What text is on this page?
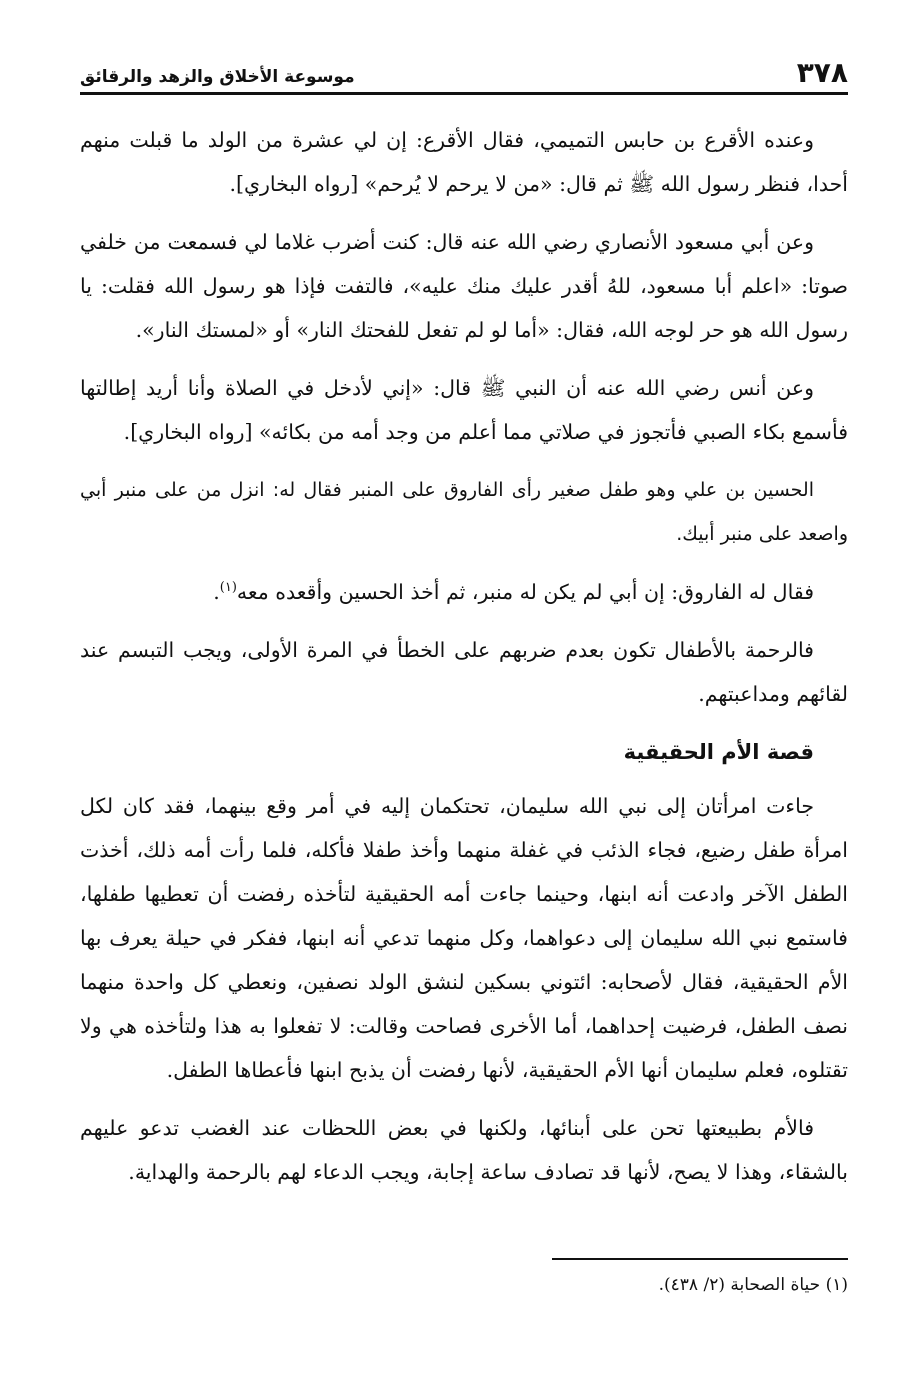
٣٧٨
موسوعة الأخلاق والزهد والرقائق

وعنده الأقرع بن حابس التميمي، فقال الأقرع: إن لي عشرة من الولد ما قبلت منهم أحدا، فنظر رسول الله ﷺ ثم قال: «من لا يرحم لا يُرحم» [رواه البخاري].

وعن أبي مسعود الأنصاري رضي الله عنه قال: كنت أضرب غلاما لي فسمعت من خلفي صوتا: «اعلم أبا مسعود، للهُ أقدر عليك منك عليه»، فالتفت فإذا هو رسول الله فقلت: يا رسول الله هو حر لوجه الله، فقال: «أما لو لم تفعل للفحتك النار» أو «لمستك النار».

وعن أنس رضي الله عنه أن النبي ﷺ قال: «إني لأدخل في الصلاة وأنا أريد إطالتها فأسمع بكاء الصبي فأتجوز في صلاتي مما أعلم من وجد أمه من بكائه» [رواه البخاري].

الحسين بن علي وهو طفل صغير رأى الفاروق على المنبر فقال له: انزل من على منبر أبي واصعد على منبر أبيك.

فقال له الفاروق: إن أبي لم يكن له منبر، ثم أخذ الحسين وأقعده معه$^{(١)}$.

فالرحمة بالأطفال تكون بعدم ضربهم على الخطأ في المرة الأولى، ويجب التبسم عند لقائهم ومداعبتهم.

قصة الأم الحقيقية

جاءت امرأتان إلى نبي الله سليمان، تحتكمان إليه في أمر وقع بينهما، فقد كان لكل امرأة طفل رضيع، فجاء الذئب في غفلة منهما وأخذ طفلا فأكله، فلما رأت أمه ذلك، أخذت الطفل الآخر وادعت أنه ابنها، وحينما جاءت أمه الحقيقية لتأخذه رفضت أن تعطيها طفلها، فاستمع نبي الله سليمان إلى دعواهما، وكل منهما تدعي أنه ابنها، ففكر في حيلة يعرف بها الأم الحقيقية، فقال لأصحابه: ائتوني بسكين لنشق الولد نصفين، ونعطي كل واحدة منهما نصف الطفل، فرضيت إحداهما، أما الأخرى فصاحت وقالت: لا تفعلوا به هذا ولتأخذه هي ولا تقتلوه، فعلم سليمان أنها الأم الحقيقية، لأنها رفضت أن يذبح ابنها فأعطاها الطفل.

فالأم بطبيعتها تحن على أبنائها، ولكنها في بعض اللحظات عند الغضب تدعو عليهم بالشقاء، وهذا لا يصح، لأنها قد تصادف ساعة إجابة، ويجب الدعاء لهم بالرحمة والهداية.

(١) حياة الصحابة (٢/ ٤٣٨).
